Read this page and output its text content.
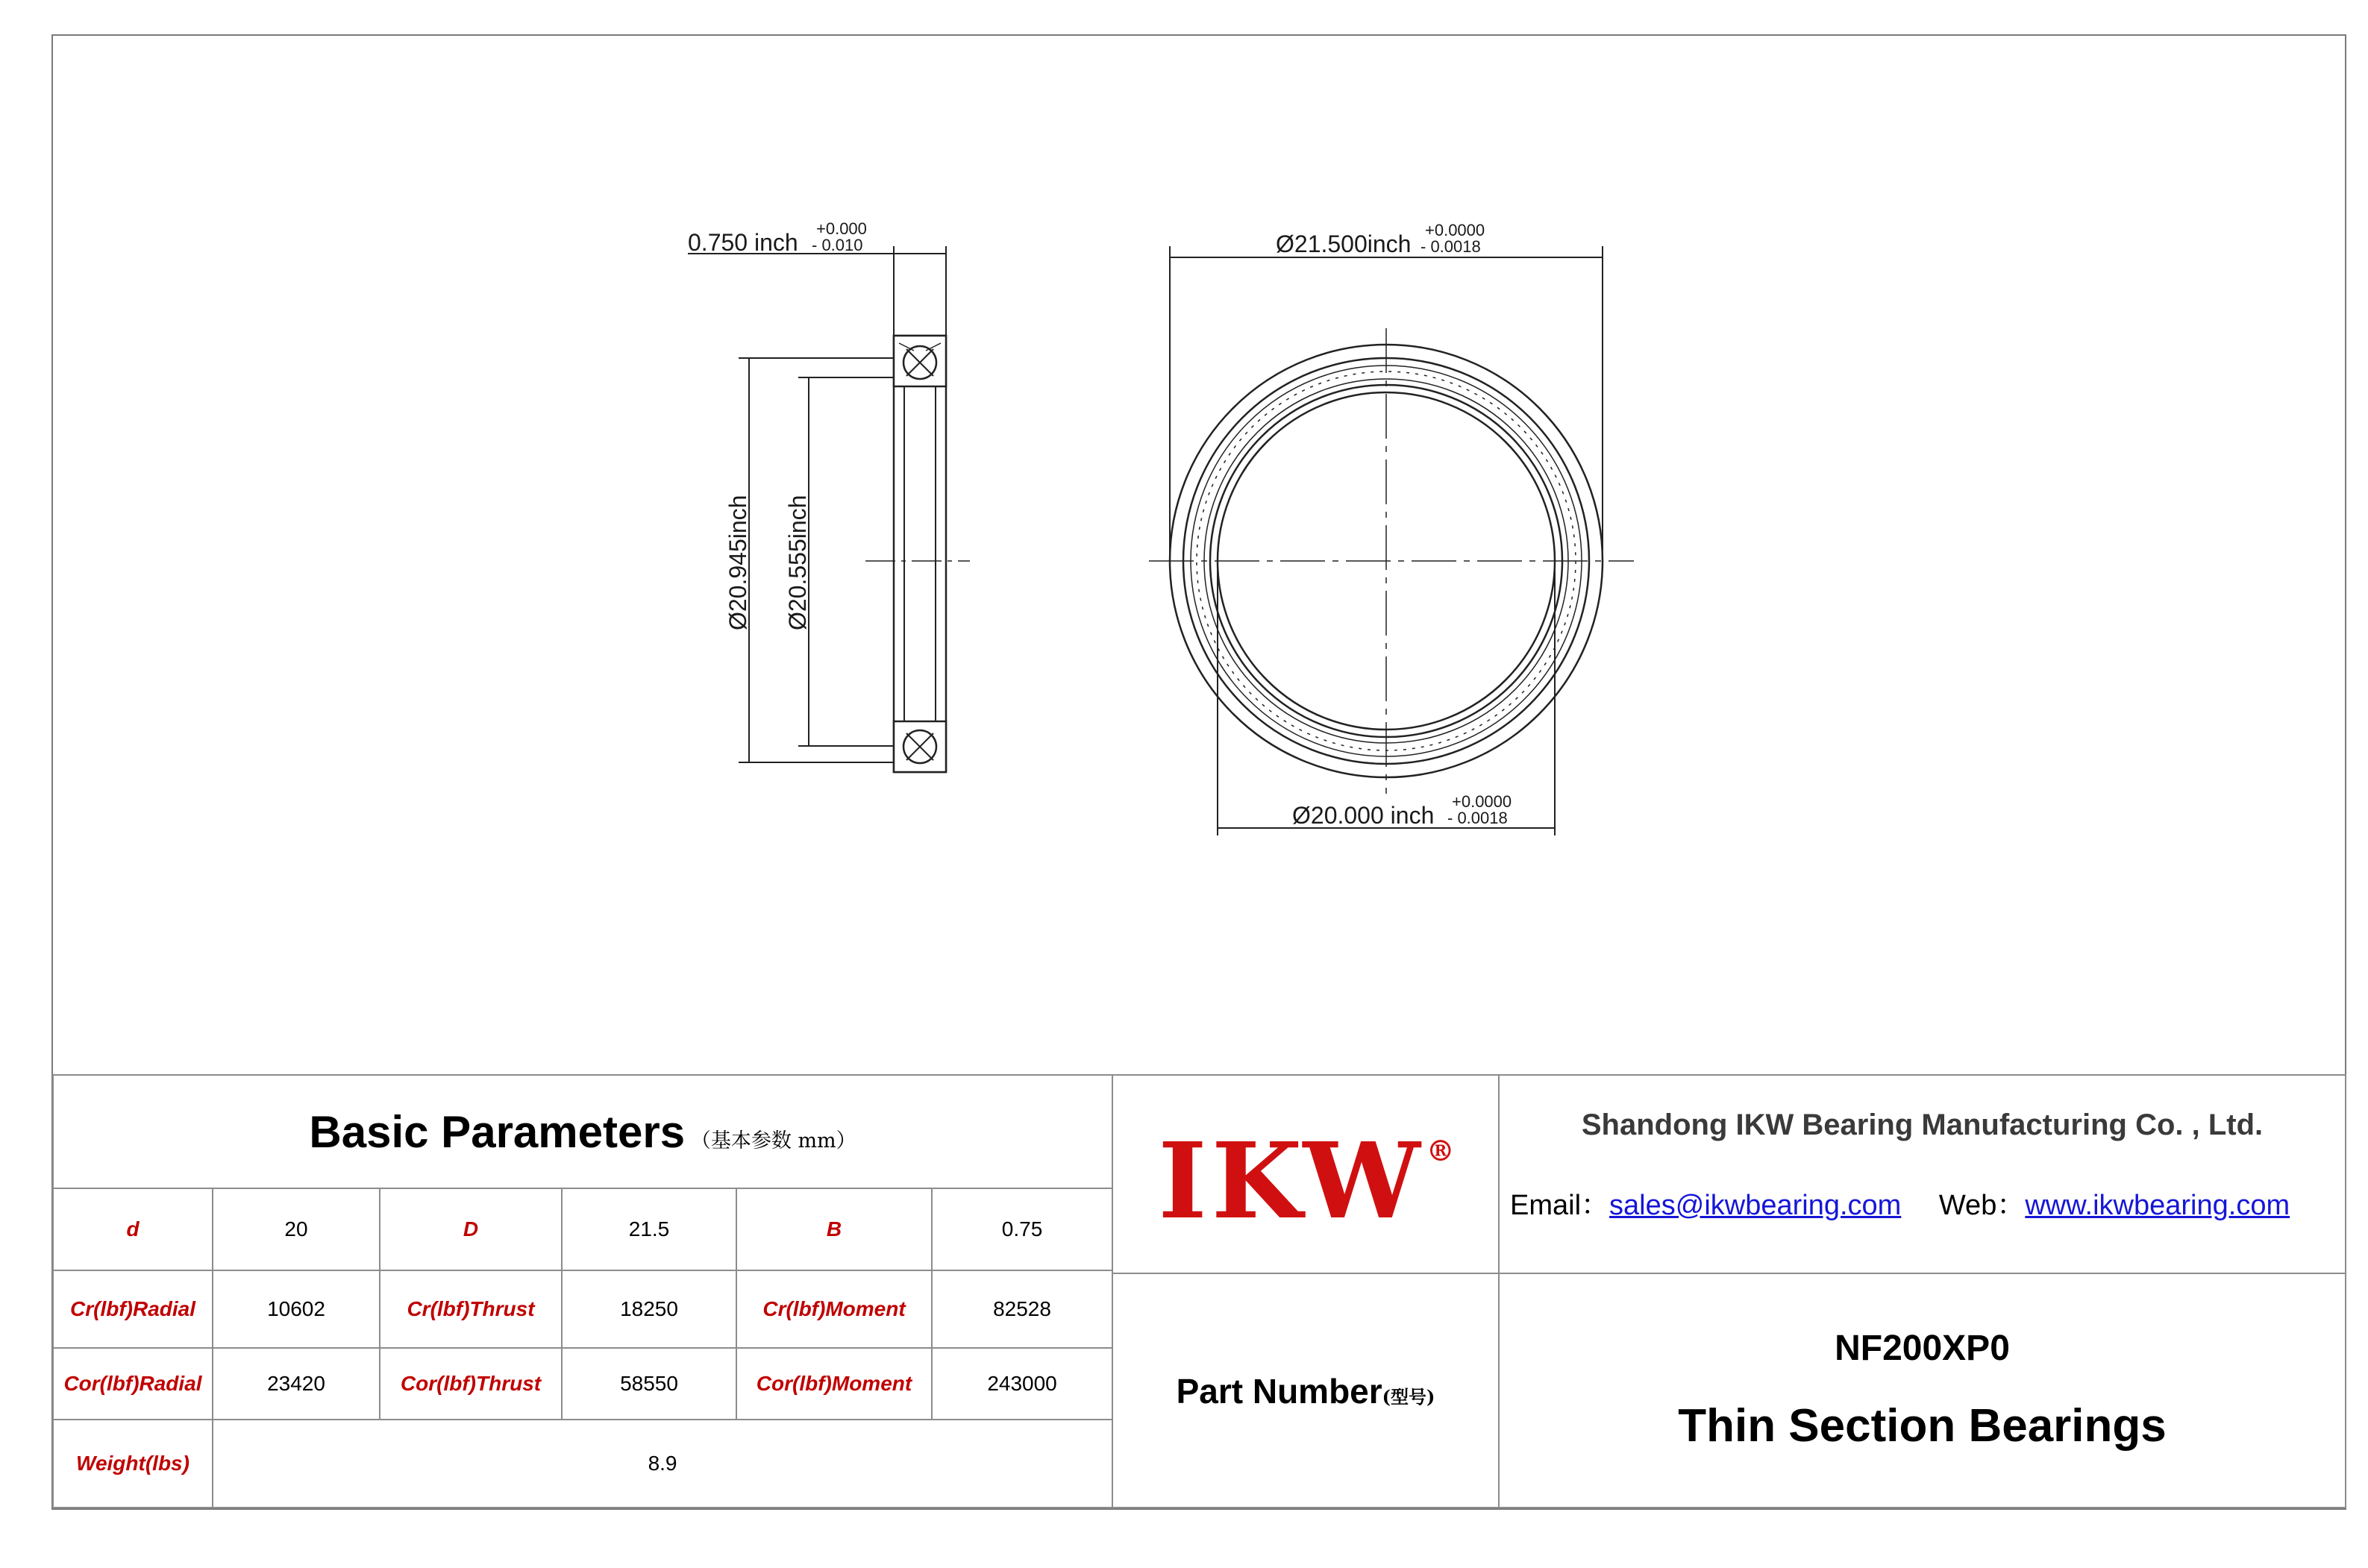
0.750 inch
+0.000
- 0.010
Ø20.945inch Ø20.555inch
Ø21.500inch
+0.0000
- 0.0018
Ø20.000 inch
+0.0000
- 0.0018
Basic Parameters （基本参数 mm）					
d	20	D	21.5	B	0.75
Cr(lbf)Radial	10602	Cr(lbf)Thrust	18250	Cr(lbf)Moment	82528
Cor(lbf)Radial	23420	Cor(lbf)Thrust	58550	Cor(lbf)Moment	243000
Weight(lbs)	8.9				
IKW®
Part Number(型号)
Shandong IKW Bearing Manufacturing Co. , Ltd.
Email：sales@ikwbearing.com Web：www.ikwbearing.com
NF200XP0
Thin Section Bearings
